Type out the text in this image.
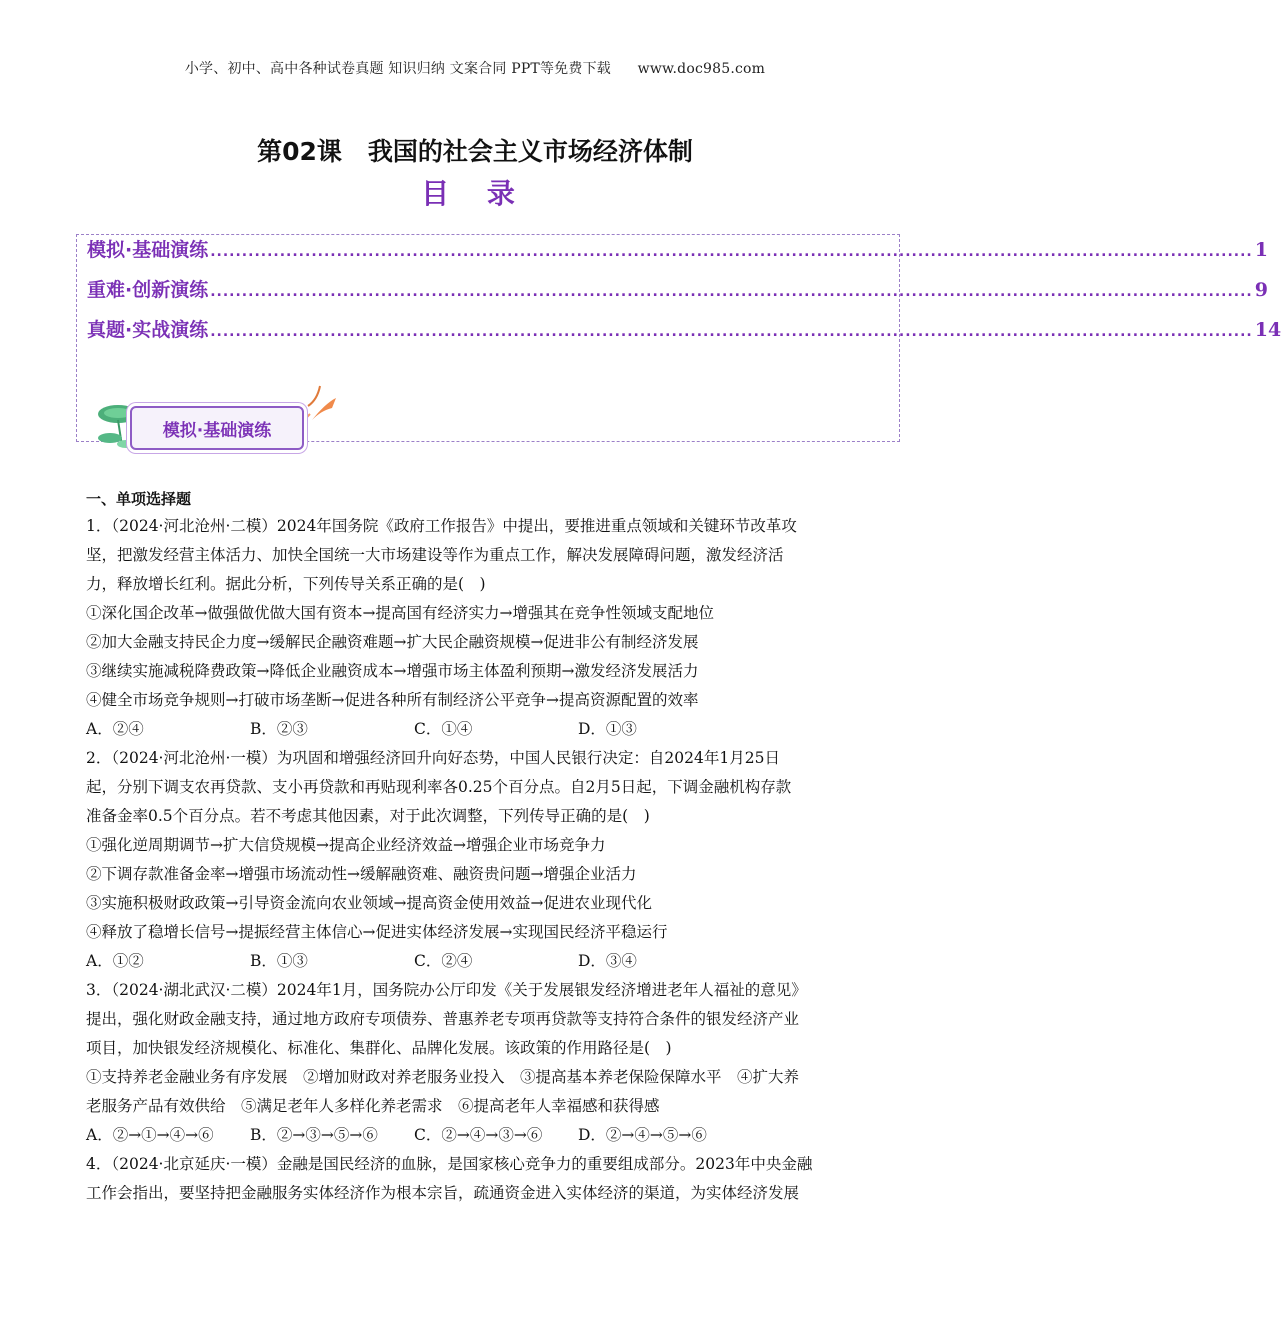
小学、初中、高中各种试卷真题 知识归纳 文案合同 PPT等免费下载 www.doc985.com
第02课 我国的社会主义市场经济体制
目 录
模拟·基础演练 ..................................................................................................................................................................... 1
重难·创新演练 ..................................................................................................................................................................... 9
真题·实战演练 ..................................................................................................................................................................... 14
模拟·基础演练
一、单项选择题
1．（2024·河北沧州·二模）2024年国务院《政府工作报告》中提出，要推进重点领域和关键环节改革攻
坚，把激发经营主体活力、加快全国统一大市场建设等作为重点工作，解决发展障碍问题，激发经济活
力，释放增长红利。据此分析，下列传导关系正确的是(　)
①深化国企改革→做强做优做大国有资本→提高国有经济实力→增强其在竞争性领域支配地位
②加大金融支持民企力度→缓解民企融资难题→扩大民企融资规模→促进非公有制经济发展
③继续实施减税降费政策→降低企业融资成本→增强市场主体盈利预期→激发经济发展活力
④健全市场竞争规则→打破市场垄断→促进各种所有制经济公平竞争→提高资源配置的效率
A．②④	B．②③	C．①④	D．①③
2．（2024·河北沧州·一模）为巩固和增强经济回升向好态势，中国人民银行决定：自2024年1月25日
起，分别下调支农再贷款、支小再贷款和再贴现利率各0.25个百分点。自2月5日起，下调金融机构存款
准备金率0.5个百分点。若不考虑其他因素，对于此次调整，下列传导正确的是(　)
①强化逆周期调节→扩大信贷规模→提高企业经济效益→增强企业市场竞争力
②下调存款准备金率→增强市场流动性→缓解融资难、融资贵问题→增强企业活力
③实施积极财政政策→引导资金流向农业领域→提高资金使用效益→促进农业现代化
④释放了稳增长信号→提振经营主体信心→促进实体经济发展→实现国民经济平稳运行
A．①②	B．①③	C．②④	D．③④
3．（2024·湖北武汉·二模）2024年1月，国务院办公厅印发《关于发展银发经济增进老年人福祉的意见》
提出，强化财政金融支持，通过地方政府专项债券、普惠养老专项再贷款等支持符合条件的银发经济产业
项目，加快银发经济规模化、标准化、集群化、品牌化发展。该政策的作用路径是(　)
①支持养老金融业务有序发展　②增加财政对养老服务业投入　③提高基本养老保险保障水平　④扩大养
老服务产品有效供给　⑤满足老年人多样化养老需求　⑥提高老年人幸福感和获得感
A．②→①→④→⑥ B．②→③→⑤→⑥ C．②→④→③→⑥ D．②→④→⑤→⑥
4．（2024·北京延庆·一模）金融是国民经济的血脉，是国家核心竞争力的重要组成部分。2023年中央金融
工作会指出，要坚持把金融服务实体经济作为根本宗旨，疏通资金进入实体经济的渠道，为实体经济发展
